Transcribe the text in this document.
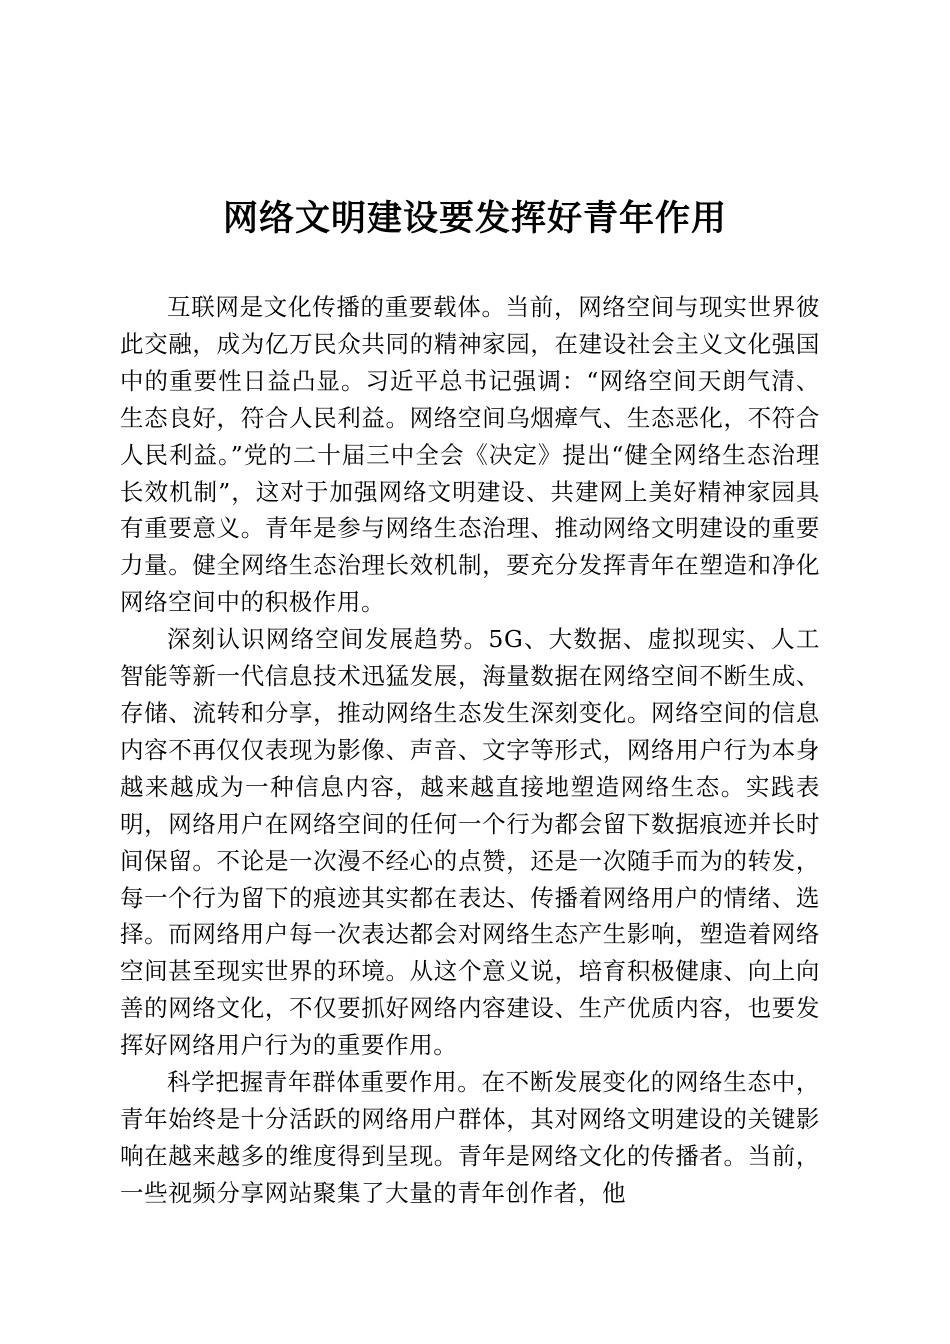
网络文明建设要发挥好青年作用

互联网是文化传播的重要载体。当前，网络空间与现实世界彼此交融，成为亿万民众共同的精神家园，在建设社会主义文化强国中的重要性日益凸显。习近平总书记强调：“网络空间天朗气清、生态良好，符合人民利益。网络空间乌烟瘴气、生态恶化，不符合人民利益。”党的二十届三中全会《决定》提出“健全网络生态治理长效机制”，这对于加强网络文明建设、共建网上美好精神家园具有重要意义。青年是参与网络生态治理、推动网络文明建设的重要力量。健全网络生态治理长效机制，要充分发挥青年在塑造和净化网络空间中的积极作用。

深刻认识网络空间发展趋势。5G、大数据、虚拟现实、人工智能等新一代信息技术迅猛发展，海量数据在网络空间不断生成、存储、流转和分享，推动网络生态发生深刻变化。网络空间的信息内容不再仅仅表现为影像、声音、文字等形式，网络用户行为本身越来越成为一种信息内容，越来越直接地塑造网络生态。实践表明，网络用户在网络空间的任何一个行为都会留下数据痕迹并长时间保留。不论是一次漫不经心的点赞，还是一次随手而为的转发，每一个行为留下的痕迹其实都在表达、传播着网络用户的情绪、选择。而网络用户每一次表达都会对网络生态产生影响，塑造着网络空间甚至现实世界的环境。从这个意义说，培育积极健康、向上向善的网络文化，不仅要抓好网络内容建设、生产优质内容，也要发挥好网络用户行为的重要作用。

科学把握青年群体重要作用。在不断发展变化的网络生态中，青年始终是十分活跃的网络用户群体，其对网络文明建设的关键影响在越来越多的维度得到呈现。青年是网络文化的传播者。当前，一些视频分享网站聚集了大量的青年创作者，他
